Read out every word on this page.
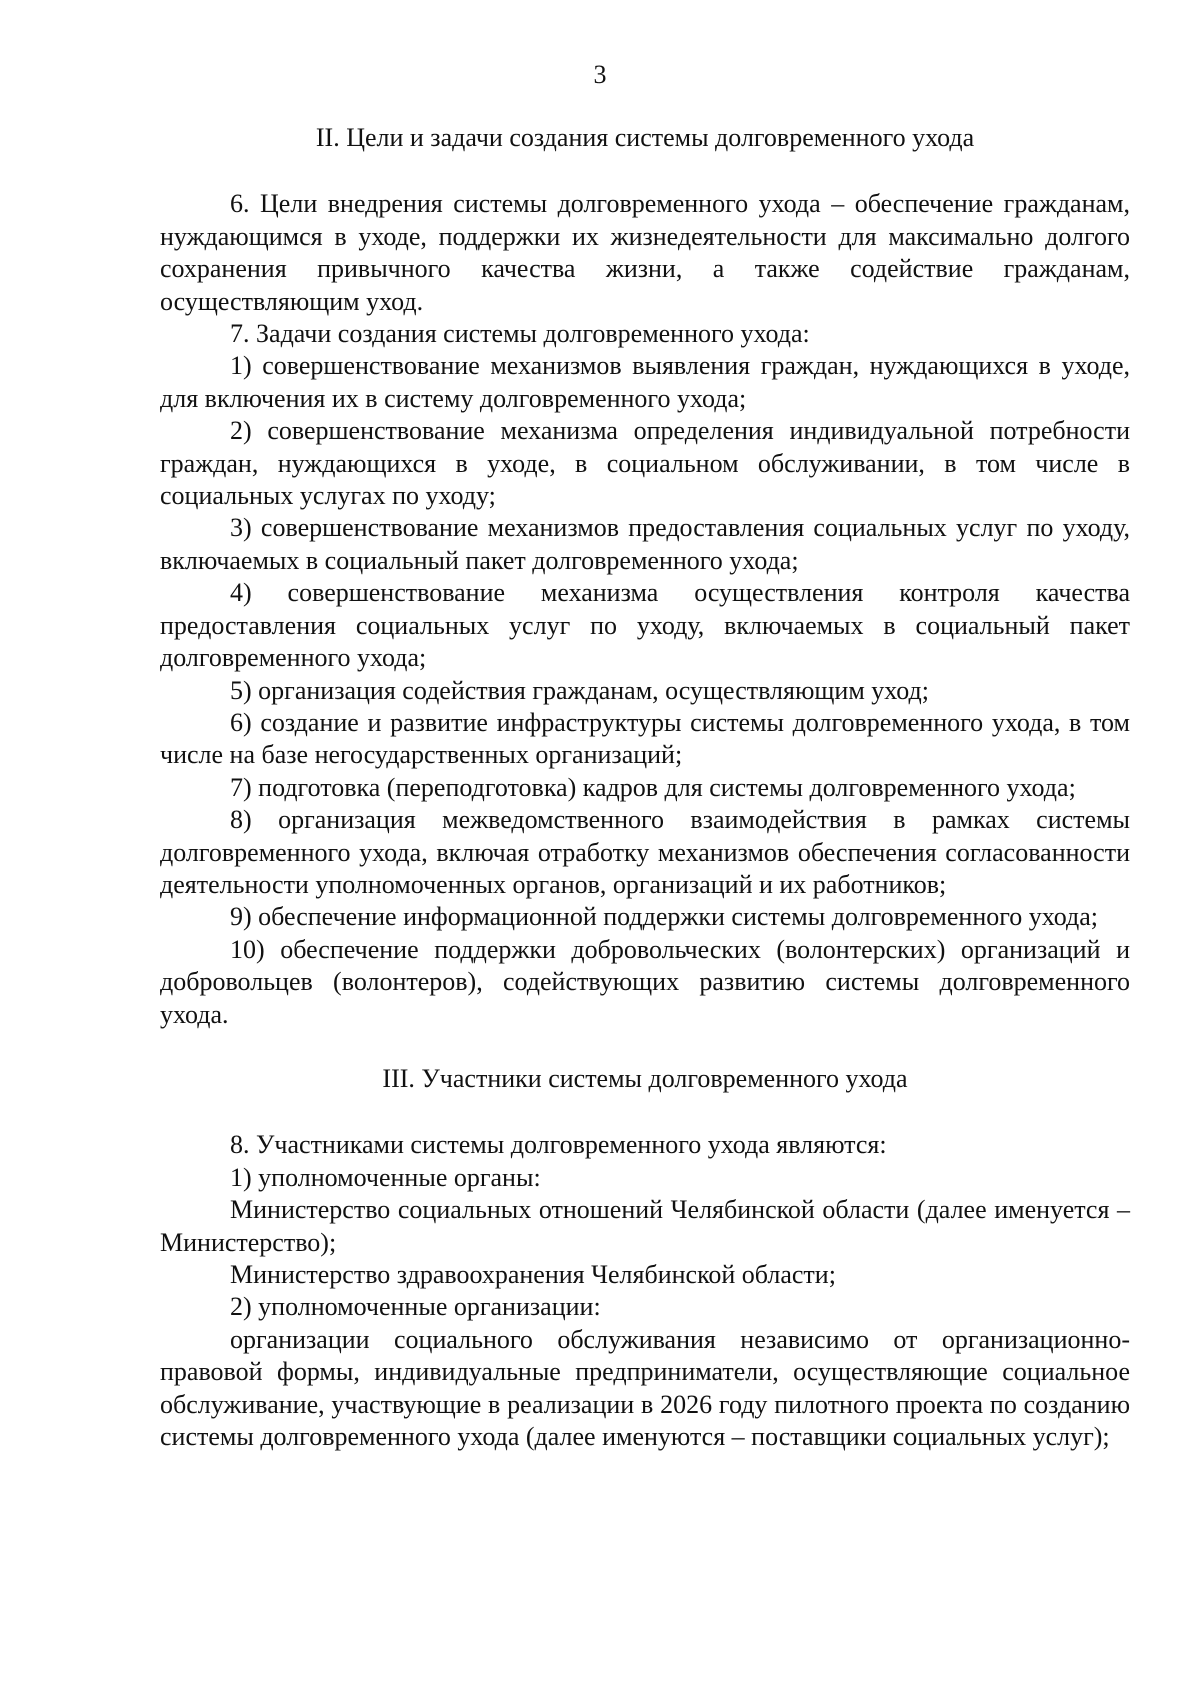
3

II. Цели и задачи создания системы долговременного ухода

6. Цели внедрения системы долговременного ухода – обеспечение гражданам, нуждающимся в уходе, поддержки их жизнедеятельности для максимально долгого сохранения привычного качества жизни, а также содействие гражданам, осуществляющим уход.

7. Задачи создания системы долговременного ухода:

1) совершенствование механизмов выявления граждан, нуждающихся в уходе, для включения их в систему долговременного ухода;

2) совершенствование механизма определения индивидуальной потребности граждан, нуждающихся в уходе, в социальном обслуживании, в том числе в социальных услугах по уходу;

3) совершенствование механизмов предоставления социальных услуг по уходу, включаемых в социальный пакет долговременного ухода;

4) совершенствование механизма осуществления контроля качества предоставления социальных услуг по уходу, включаемых в социальный пакет долговременного ухода;

5) организация содействия гражданам, осуществляющим уход;

6) создание и развитие инфраструктуры системы долговременного ухода, в том числе на базе негосударственных организаций;

7) подготовка (переподготовка) кадров для системы долговременного ухода;

8) организация межведомственного взаимодействия в рамках системы долговременного ухода, включая отработку механизмов обеспечения согласованности деятельности уполномоченных органов, организаций и их работников;

9) обеспечение информационной поддержки системы долговременного ухода;

10) обеспечение поддержки добровольческих (волонтерских) организаций и добровольцев (волонтеров), содействующих развитию системы долговременного ухода.

III. Участники системы долговременного ухода

8. Участниками системы долговременного ухода являются:

1) уполномоченные органы:

Министерство социальных отношений Челябинской области (далее именуется – Министерство);

Министерство здравоохранения Челябинской области;

2) уполномоченные организации:

организации социального обслуживания независимо от организационно-правовой формы, индивидуальные предприниматели, осуществляющие социальное обслуживание, участвующие в реализации в 2026 году пилотного проекта по созданию системы долговременного ухода (далее именуются – поставщики социальных услуг);
